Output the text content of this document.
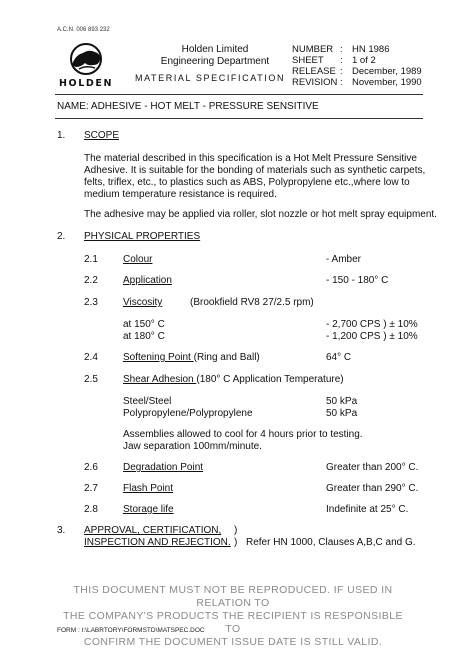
A.C.N. 006 893 232
HOLDEN
Holden Limited
Engineering Department
MATERIAL SPECIFICATION
NUMBER : HN 1986
SHEET	: 1 of 2
RELEASE : December, 1989
REVISION : November, 1990
NAME: ADHESIVE - HOT MELT - PRESSURE SENSITIVE
1. SCOPE
The material described in this specification is a Hot Melt Pressure Sensitive
Adhesive. It is suitable for the bonding of materials such as synthetic carpets,
felts, triflex, etc., to plastics such as ABS, Polypropylene etc.,where low to
medium temperature resistance is required.
The adhesive may be applied via roller, slot nozzle or hot melt spray equipment.
2. PHYSICAL PROPERTIES
2.1	Colour	- Amber
2.2	Application	- 150 - 180° C
2.3	Viscosity	(Brookfield RV8 27/2.5 rpm)
at 150° C	- 2,700 CPS ) ± 10%
at 180° C	- 1,200 CPS ) ± 10%
2.4	Softening Point (Ring and Ball)	64° C
2.5	Shear Adhesion (180° C Application Temperature)
Steel/Steel	50 kPa
Polypropylene/Polypropylene	50 kPa
Assemblies allowed to cool for 4 hours prior to testing.
Jaw separation 100mm/minute.
2.6	Degradation Point	Greater than 200° C.
2.7	Flash Point	Greater than 290° C.
2.8	Storage life	Indefinite at 25° C.
3. APPROVAL, CERTIFICATION, )
INSPECTION AND REJECTION. ) Refer HN 1000, Clauses A,B,C and G.
THIS DOCUMENT MUST NOT BE REPRODUCED. IF USED IN RELATION TO
THE COMPANY'S PRODUCTS THE RECIPIENT IS RESPONSIBLE TO
CONFIRM THE DOCUMENT ISSUE DATE IS STILL VALID.
FORM : I:\LABRTORY\FORMSTD\MATSPEC.DOC
